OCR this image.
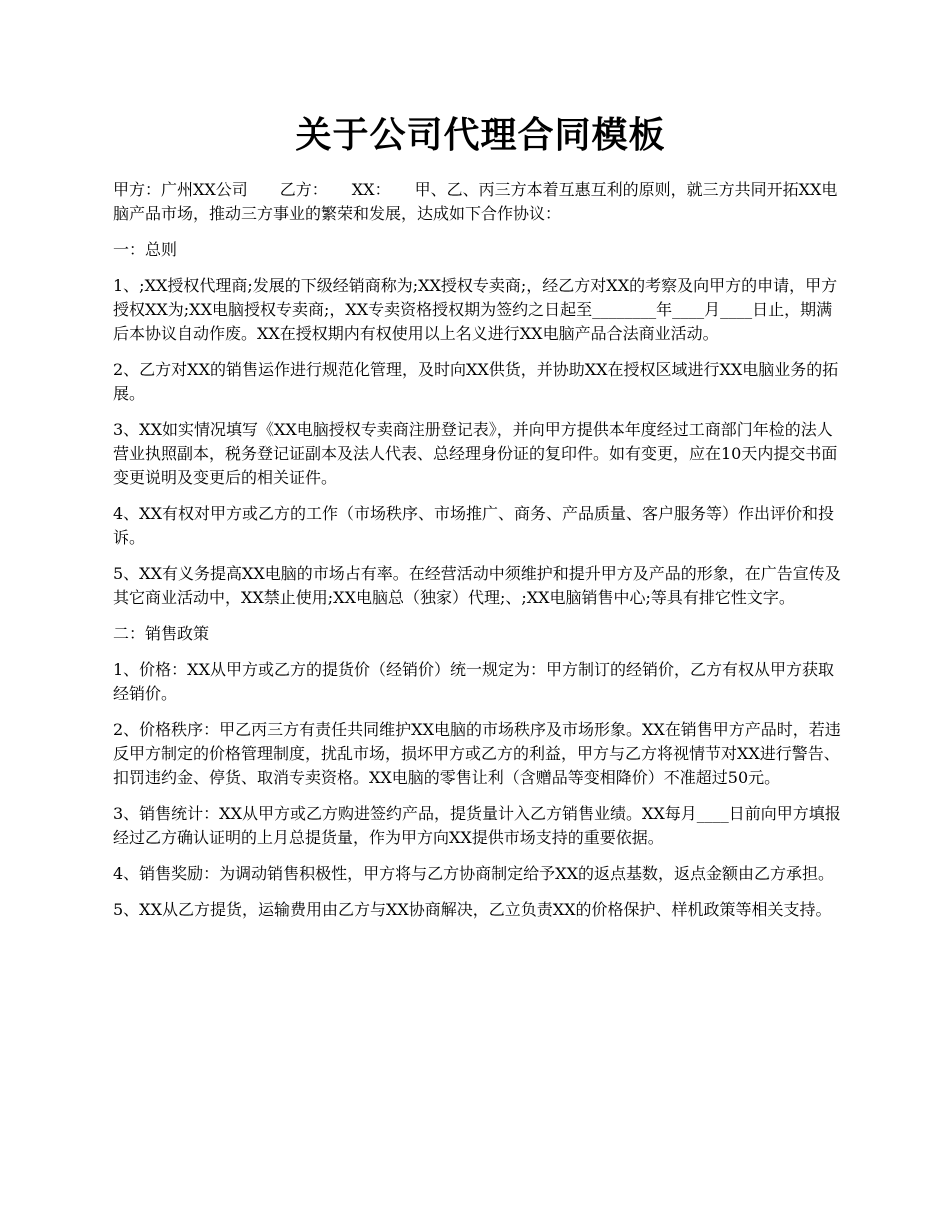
关于公司代理合同模板

甲方：广州XX公司　　乙方：　　XX：　　甲、乙、丙三方本着互惠互利的原则，就三方共同开拓XX电脑产品市场，推动三方事业的繁荣和发展，达成如下合作协议：

一：总则

1、;XX授权代理商;发展的下级经销商称为;XX授权专卖商;，经乙方对XX的考察及向甲方的申请，甲方授权XX为;XX电脑授权专卖商;，XX专卖资格授权期为签约之日起至________年____月____日止，期满后本协议自动作废。XX在授权期内有权使用以上名义进行XX电脑产品合法商业活动。

2、乙方对XX的销售运作进行规范化管理，及时向XX供货，并协助XX在授权区域进行XX电脑业务的拓展。

3、XX如实情况填写《XX电脑授权专卖商注册登记表》，并向甲方提供本年度经过工商部门年检的法人营业执照副本，税务登记证副本及法人代表、总经理身份证的复印件。如有变更，应在10天内提交书面变更说明及变更后的相关证件。

4、XX有权对甲方或乙方的工作（市场秩序、市场推广、商务、产品质量、客户服务等）作出评价和投诉。

5、XX有义务提高XX电脑的市场占有率。在经营活动中须维护和提升甲方及产品的形象，在广告宣传及其它商业活动中，XX禁止使用;XX电脑总（独家）代理;、;XX电脑销售中心;等具有排它性文字。

二：销售政策

1、价格：XX从甲方或乙方的提货价（经销价）统一规定为：甲方制订的经销价，乙方有权从甲方获取经销价。

2、价格秩序：甲乙丙三方有责任共同维护XX电脑的市场秩序及市场形象。XX在销售甲方产品时，若违反甲方制定的价格管理制度，扰乱市场，损坏甲方或乙方的利益，甲方与乙方将视情节对XX进行警告、扣罚违约金、停货、取消专卖资格。XX电脑的零售让利（含赠品等变相降价）不准超过50元。

3、销售统计：XX从甲方或乙方购进签约产品，提货量计入乙方销售业绩。XX每月____日前向甲方填报经过乙方确认证明的上月总提货量，作为甲方向XX提供市场支持的重要依据。

4、销售奖励：为调动销售积极性，甲方将与乙方协商制定给予XX的返点基数，返点金额由乙方承担。

5、XX从乙方提货，运输费用由乙方与XX协商解决，乙立负责XX的价格保护、样机政策等相关支持。
